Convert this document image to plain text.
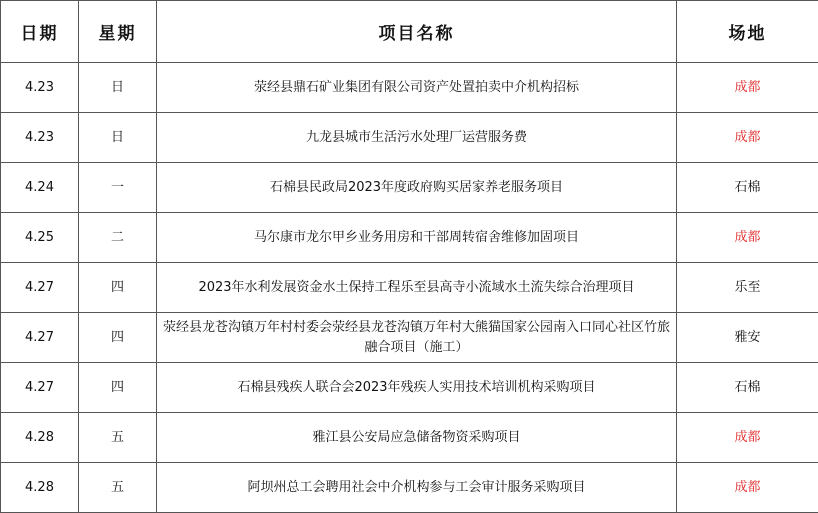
日期	星期	项目名称	场地
4.23	日	荥经县鼎石矿业集团有限公司资产处置拍卖中介机构招标	成都
4.23	日	九龙县城市生活污水处理厂运营服务费	成都
4.24	一	石棉县民政局2023年度政府购买居家养老服务项目	石棉
4.25	二	马尔康市龙尔甲乡业务用房和干部周转宿舍维修加固项目	成都
4.27	四	2023年水利发展资金水土保持工程乐至县高寺小流域水土流失综合治理项目	乐至
4.27	四	荥经县龙苍沟镇万年村村委会荥经县龙苍沟镇万年村大熊猫国家公园南入口同心社区竹旅融合项目（施工）	雅安
4.27	四	石棉县残疾人联合会2023年残疾人实用技术培训机构采购项目	石棉
4.28	五	雅江县公安局应急储备物资采购项目	成都
4.28	五	阿坝州总工会聘用社会中介机构参与工会审计服务采购项目	成都
